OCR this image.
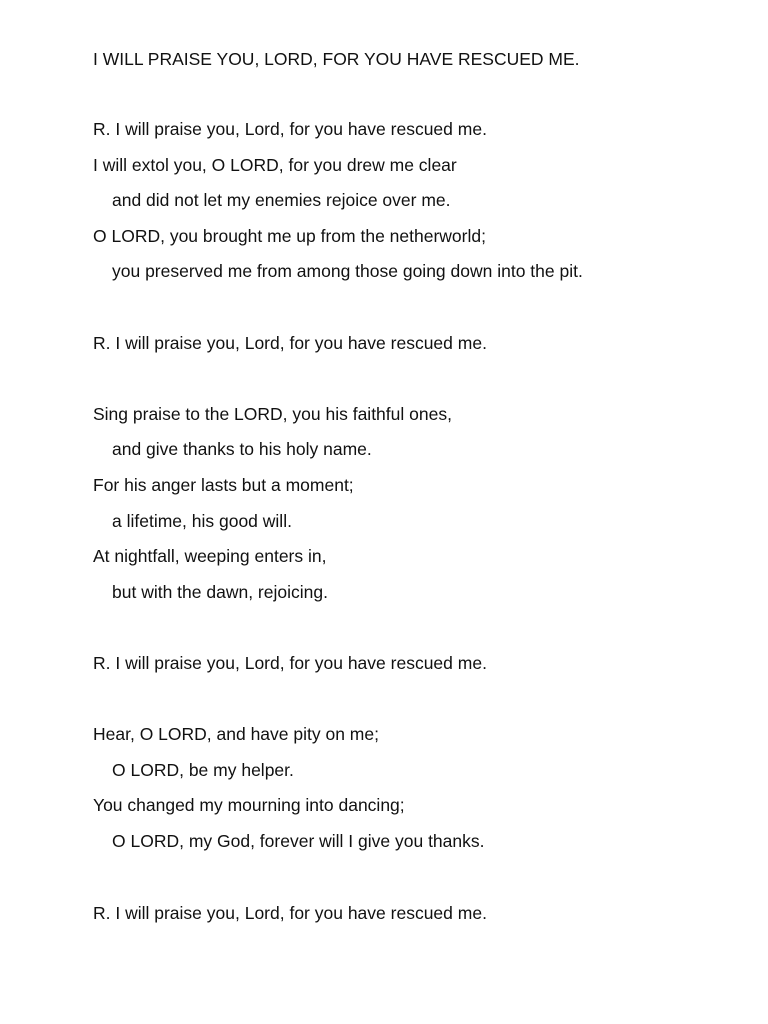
I WILL PRAISE YOU, LORD, FOR YOU HAVE RESCUED ME.
R. I will praise you, Lord, for you have rescued me.
I will extol you, O LORD, for you drew me clear
and did not let my enemies rejoice over me.
O LORD, you brought me up from the netherworld;
you preserved me from among those going down into the pit.
R. I will praise you, Lord, for you have rescued me.
Sing praise to the LORD, you his faithful ones,
and give thanks to his holy name.
For his anger lasts but a moment;
a lifetime, his good will.
At nightfall, weeping enters in,
but with the dawn, rejoicing.
R. I will praise you, Lord, for you have rescued me.
Hear, O LORD, and have pity on me;
O LORD, be my helper.
You changed my mourning into dancing;
O LORD, my God, forever will I give you thanks.
R. I will praise you, Lord, for you have rescued me.
